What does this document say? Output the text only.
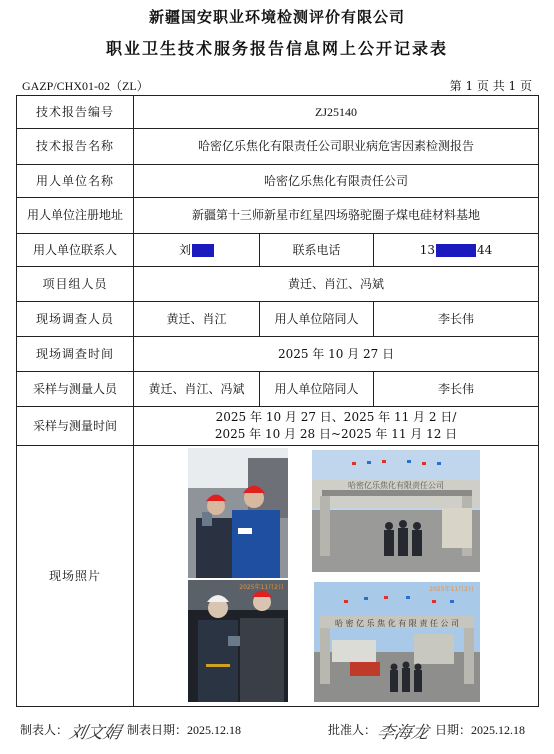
新疆国安职业环境检测评价有限公司
职业卫生技术服务报告信息网上公开记录表
GAZP/CHX01-02（ZL）	第 1 页 共 1 页
技术报告编号	ZJ25140		
技术报告名称	哈密亿乐焦化有限责任公司职业病危害因素检测报告		
用人单位名称	哈密亿乐焦化有限责任公司		
用人单位注册地址	新疆第十三师新星市红星四场骆驼圈子煤电硅材料基地		
用人单位联系人	刘	联系电话	13 44
项目组人员	黄迁、肖江、冯斌		
现场调查人员	黄迁、肖江	用人单位陪同人	李长伟
现场调查时间	2025 年 10 月 27 日		
采样与测量人员	黄迁、肖江、冯斌	用人单位陪同人	李长伟
采样与测量时间	2025 年 10 月 27 日、2025 年 11 月 2 日/
2025 年 10 月 28 日~2025 年 11 月 12 日		

现场照片	哈密亿乐焦化有限责任公司
2025年11月2日
哈 密 亿 乐 焦 化 有 限 责 任 公 司
2025年11月2日		
制表人：刘文娟 制表日期：2025.12.18	批准人：李海龙 日期：2025.12.18
